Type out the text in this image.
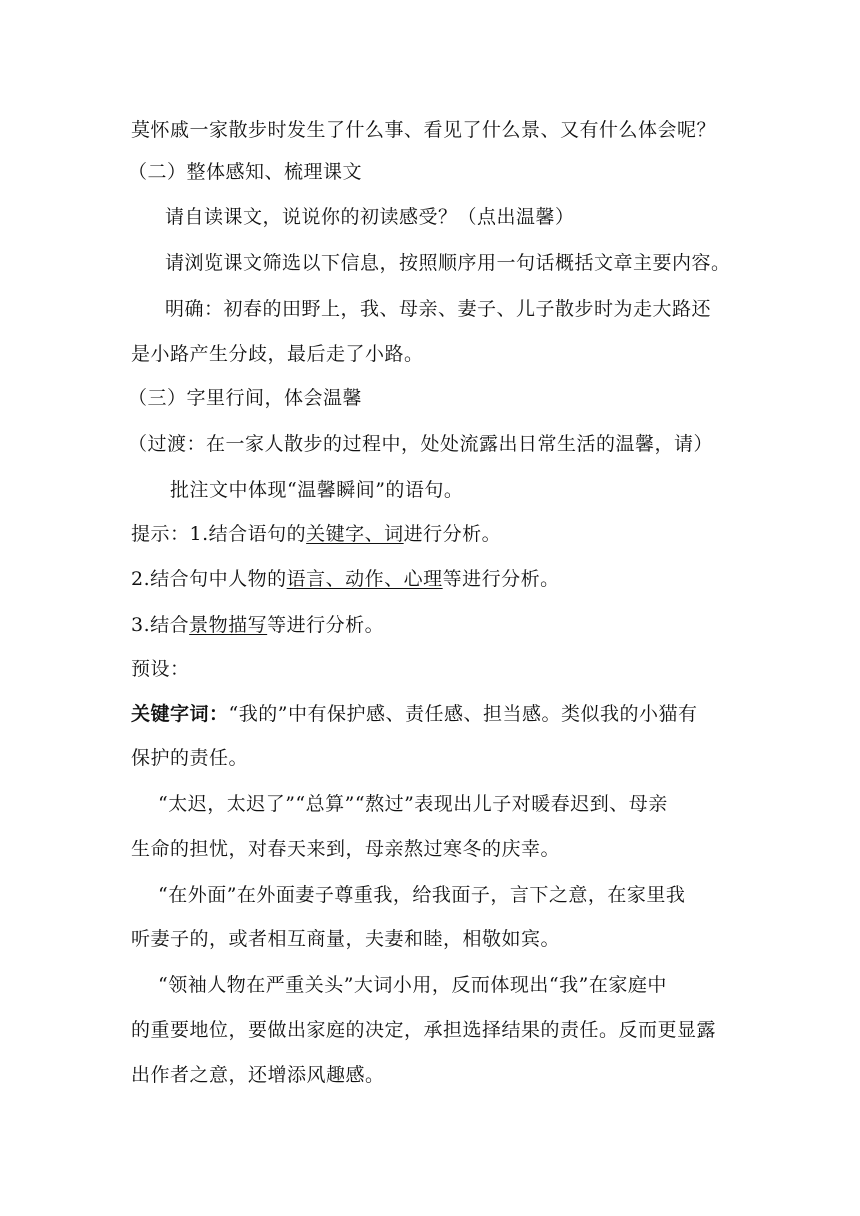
莫怀戚一家散步时发生了什么事、看见了什么景、又有什么体会呢？
（二）整体感知、梳理课文
请自读课文，说说你的初读感受？（点出温馨）
请浏览课文筛选以下信息，按照顺序用一句话概括文章主要内容。
明确：初春的田野上，我、母亲、妻子、儿子散步时为走大路还
是小路产生分歧，最后走了小路。
（三）字里行间，体会温馨
（过渡：在一家人散步的过程中，处处流露出日常生活的温馨，请）
批注文中体现“温馨瞬间”的语句。
提示：1.结合语句的关键字、词进行分析。
2.结合句中人物的语言、动作、心理等进行分析。
3.结合景物描写等进行分析。
预设：
关键字词：“我的”中有保护感、责任感、担当感。类似我的小猫有
保护的责任。
“太迟，太迟了”“总算”“熬过”表现出儿子对暖春迟到、母亲
生命的担忧，对春天来到，母亲熬过寒冬的庆幸。
“在外面”在外面妻子尊重我，给我面子，言下之意，在家里我
听妻子的，或者相互商量，夫妻和睦，相敬如宾。
“领袖人物在严重关头”大词小用，反而体现出“我”在家庭中
的重要地位，要做出家庭的决定，承担选择结果的责任。反而更显露
出作者之意，还增添风趣感。
